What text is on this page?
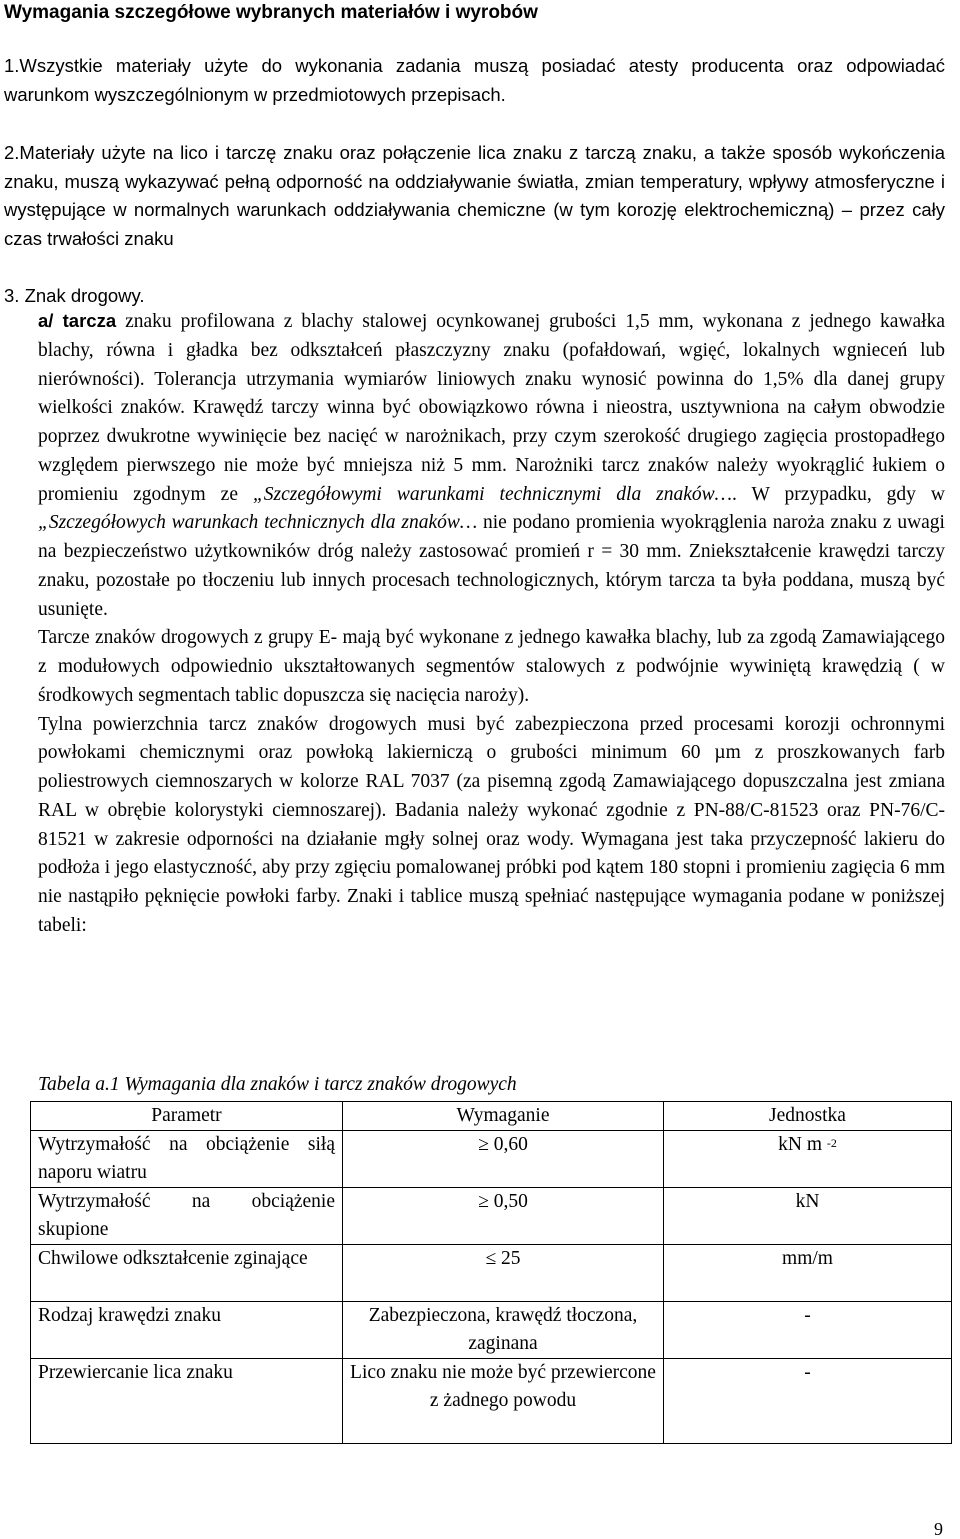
Wymagania szczegółowe wybranych materiałów i wyrobów
1.Wszystkie materiały użyte do wykonania zadania muszą posiadać atesty producenta oraz odpowiadać warunkom wyszczególnionym w przedmiotowych przepisach.
2.Materiały użyte na lico i tarczę znaku oraz połączenie lica znaku z tarczą znaku, a także sposób wykończenia znaku, muszą wykazywać pełną odporność na oddziaływanie światła, zmian temperatury, wpływy atmosferyczne i występujące w normalnych warunkach oddziaływania chemiczne (w tym korozję elektrochemiczną) – przez cały czas trwałości znaku
3. Znak drogowy.

a/ tarcza znaku profilowana z blachy stalowej ocynkowanej grubości 1,5 mm, wykonana z jednego kawałka blachy, równa i gładka bez odkształceń płaszczyzny znaku (pofałdowań, wgięć, lokalnych wgnieceń lub nierówności). Tolerancja utrzymania wymiarów liniowych znaku wynosić powinna do 1,5% dla danej grupy wielkości znaków. Krawędź tarczy winna być obowiązkowo równa i nieostra, usztywniona na całym obwodzie poprzez dwukrotne wywinięcie bez nacięć w narożnikach, przy czym szerokość drugiego zagięcia prostopadłego względem pierwszego nie może być mniejsza niż 5 mm. Narożniki tarcz znaków należy wyokrąglić łukiem o promieniu zgodnym ze „Szczegółowymi warunkami technicznymi dla znaków…. W przypadku, gdy w „Szczegółowych warunkach technicznych dla znaków… nie podano promienia wyokrąglenia naroża znaku z uwagi na bezpieczeństwo użytkowników dróg należy zastosować promień r = 30 mm. Zniekształcenie krawędzi tarczy znaku, pozostałe po tłoczeniu lub innych procesach technologicznych, którym tarcza ta była poddana, muszą być usunięte.

Tarcze znaków drogowych z grupy E- mają być wykonane z jednego kawałka blachy, lub za zgodą Zamawiającego z modułowych odpowiednio ukształtowanych segmentów stalowych z podwójnie wywiniętą krawędzią ( w środkowych segmentach tablic dopuszcza się nacięcia naroży).

Tylna powierzchnia tarcz znaków drogowych musi być zabezpieczona przed procesami korozji ochronnymi powłokami chemicznymi oraz powłoką lakierniczą o grubości minimum 60 µm z proszkowanych farb poliestrowych ciemnoszarych w kolorze RAL 7037 (za pisemną zgodą Zamawiającego dopuszczalna jest zmiana RAL w obrębie kolorystyki ciemnoszarej). Badania należy wykonać zgodnie z PN-88/C-81523 oraz PN-76/C-81521 w zakresie odporności na działanie mgły solnej oraz wody. Wymagana jest taka przyczepność lakieru do podłoża i jego elastyczność, aby przy zgięciu pomalowanej próbki pod kątem 180 stopni i promieniu zagięcia 6 mm nie nastąpiło pęknięcie powłoki farby. Znaki i tablice muszą spełniać następujące wymagania podane w poniższej tabeli:

Tabela a.1 Wymagania dla znaków i tarcz znaków drogowych
Parametr	Wymaganie	Jednostka
Wytrzymałość na obciążenie siłą naporu wiatru	≥ 0,60	kN m $^{-2}$
Wytrzymałość na obciążenie skupione	≥ 0,50	kN
Chwilowe odkształcenie zginające	≤ 25	mm/m
Rodzaj krawędzi znaku	Zabezpieczona, krawędź tłoczona, zaginana	-
Przewiercanie lica znaku	Lico znaku nie może być przewiercone z żadnego powodu	-
9
